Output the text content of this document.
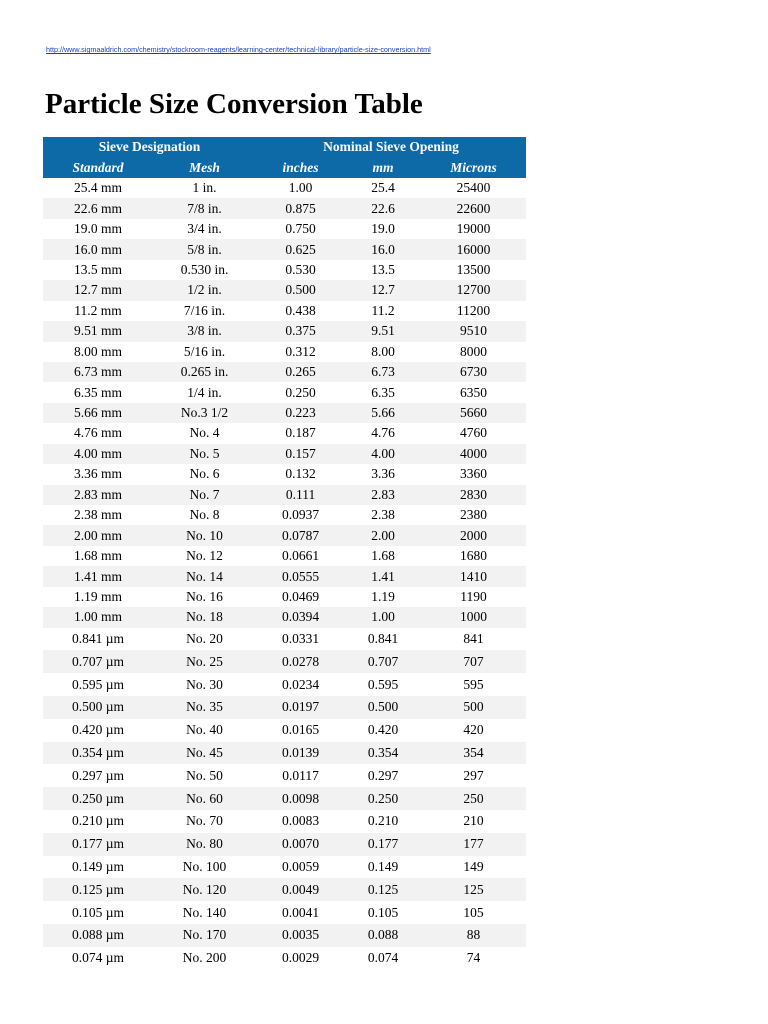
http://www.sigmaaldrich.com/chemistry/stockroom-reagents/learning-center/technical-library/particle-size-conversion.html
Particle Size Conversion Table
Sieve Designation		Nominal Sieve Opening		
Standard	Mesh	inches	mm	Microns
25.4 mm	1 in.	1.00	25.4	25400
22.6 mm	7/8 in.	0.875	22.6	22600
19.0 mm	3/4 in.	0.750	19.0	19000
16.0 mm	5/8 in.	0.625	16.0	16000
13.5 mm	0.530 in.	0.530	13.5	13500
12.7 mm	1/2 in.	0.500	12.7	12700
11.2 mm	7/16 in.	0.438	11.2	11200
9.51 mm	3/8 in.	0.375	9.51	9510
8.00 mm	5/16 in.	0.312	8.00	8000
6.73 mm	0.265 in.	0.265	6.73	6730
6.35 mm	1/4 in.	0.250	6.35	6350
5.66 mm	No.3 1/2	0.223	5.66	5660
4.76 mm	No. 4	0.187	4.76	4760
4.00 mm	No. 5	0.157	4.00	4000
3.36 mm	No. 6	0.132	3.36	3360
2.83 mm	No. 7	0.111	2.83	2830
2.38 mm	No. 8	0.0937	2.38	2380
2.00 mm	No. 10	0.0787	2.00	2000
1.68 mm	No. 12	0.0661	1.68	1680
1.41 mm	No. 14	0.0555	1.41	1410
1.19 mm	No. 16	0.0469	1.19	1190
1.00 mm	No. 18	0.0394	1.00	1000
0.841 µm	No. 20	0.0331	0.841	841
0.707 µm	No. 25	0.0278	0.707	707
0.595 µm	No. 30	0.0234	0.595	595
0.500 µm	No. 35	0.0197	0.500	500
0.420 µm	No. 40	0.0165	0.420	420
0.354 µm	No. 45	0.0139	0.354	354
0.297 µm	No. 50	0.0117	0.297	297
0.250 µm	No. 60	0.0098	0.250	250
0.210 µm	No. 70	0.0083	0.210	210
0.177 µm	No. 80	0.0070	0.177	177
0.149 µm	No. 100	0.0059	0.149	149
0.125 µm	No. 120	0.0049	0.125	125
0.105 µm	No. 140	0.0041	0.105	105
0.088 µm	No. 170	0.0035	0.088	88
0.074 µm	No. 200	0.0029	0.074	74
